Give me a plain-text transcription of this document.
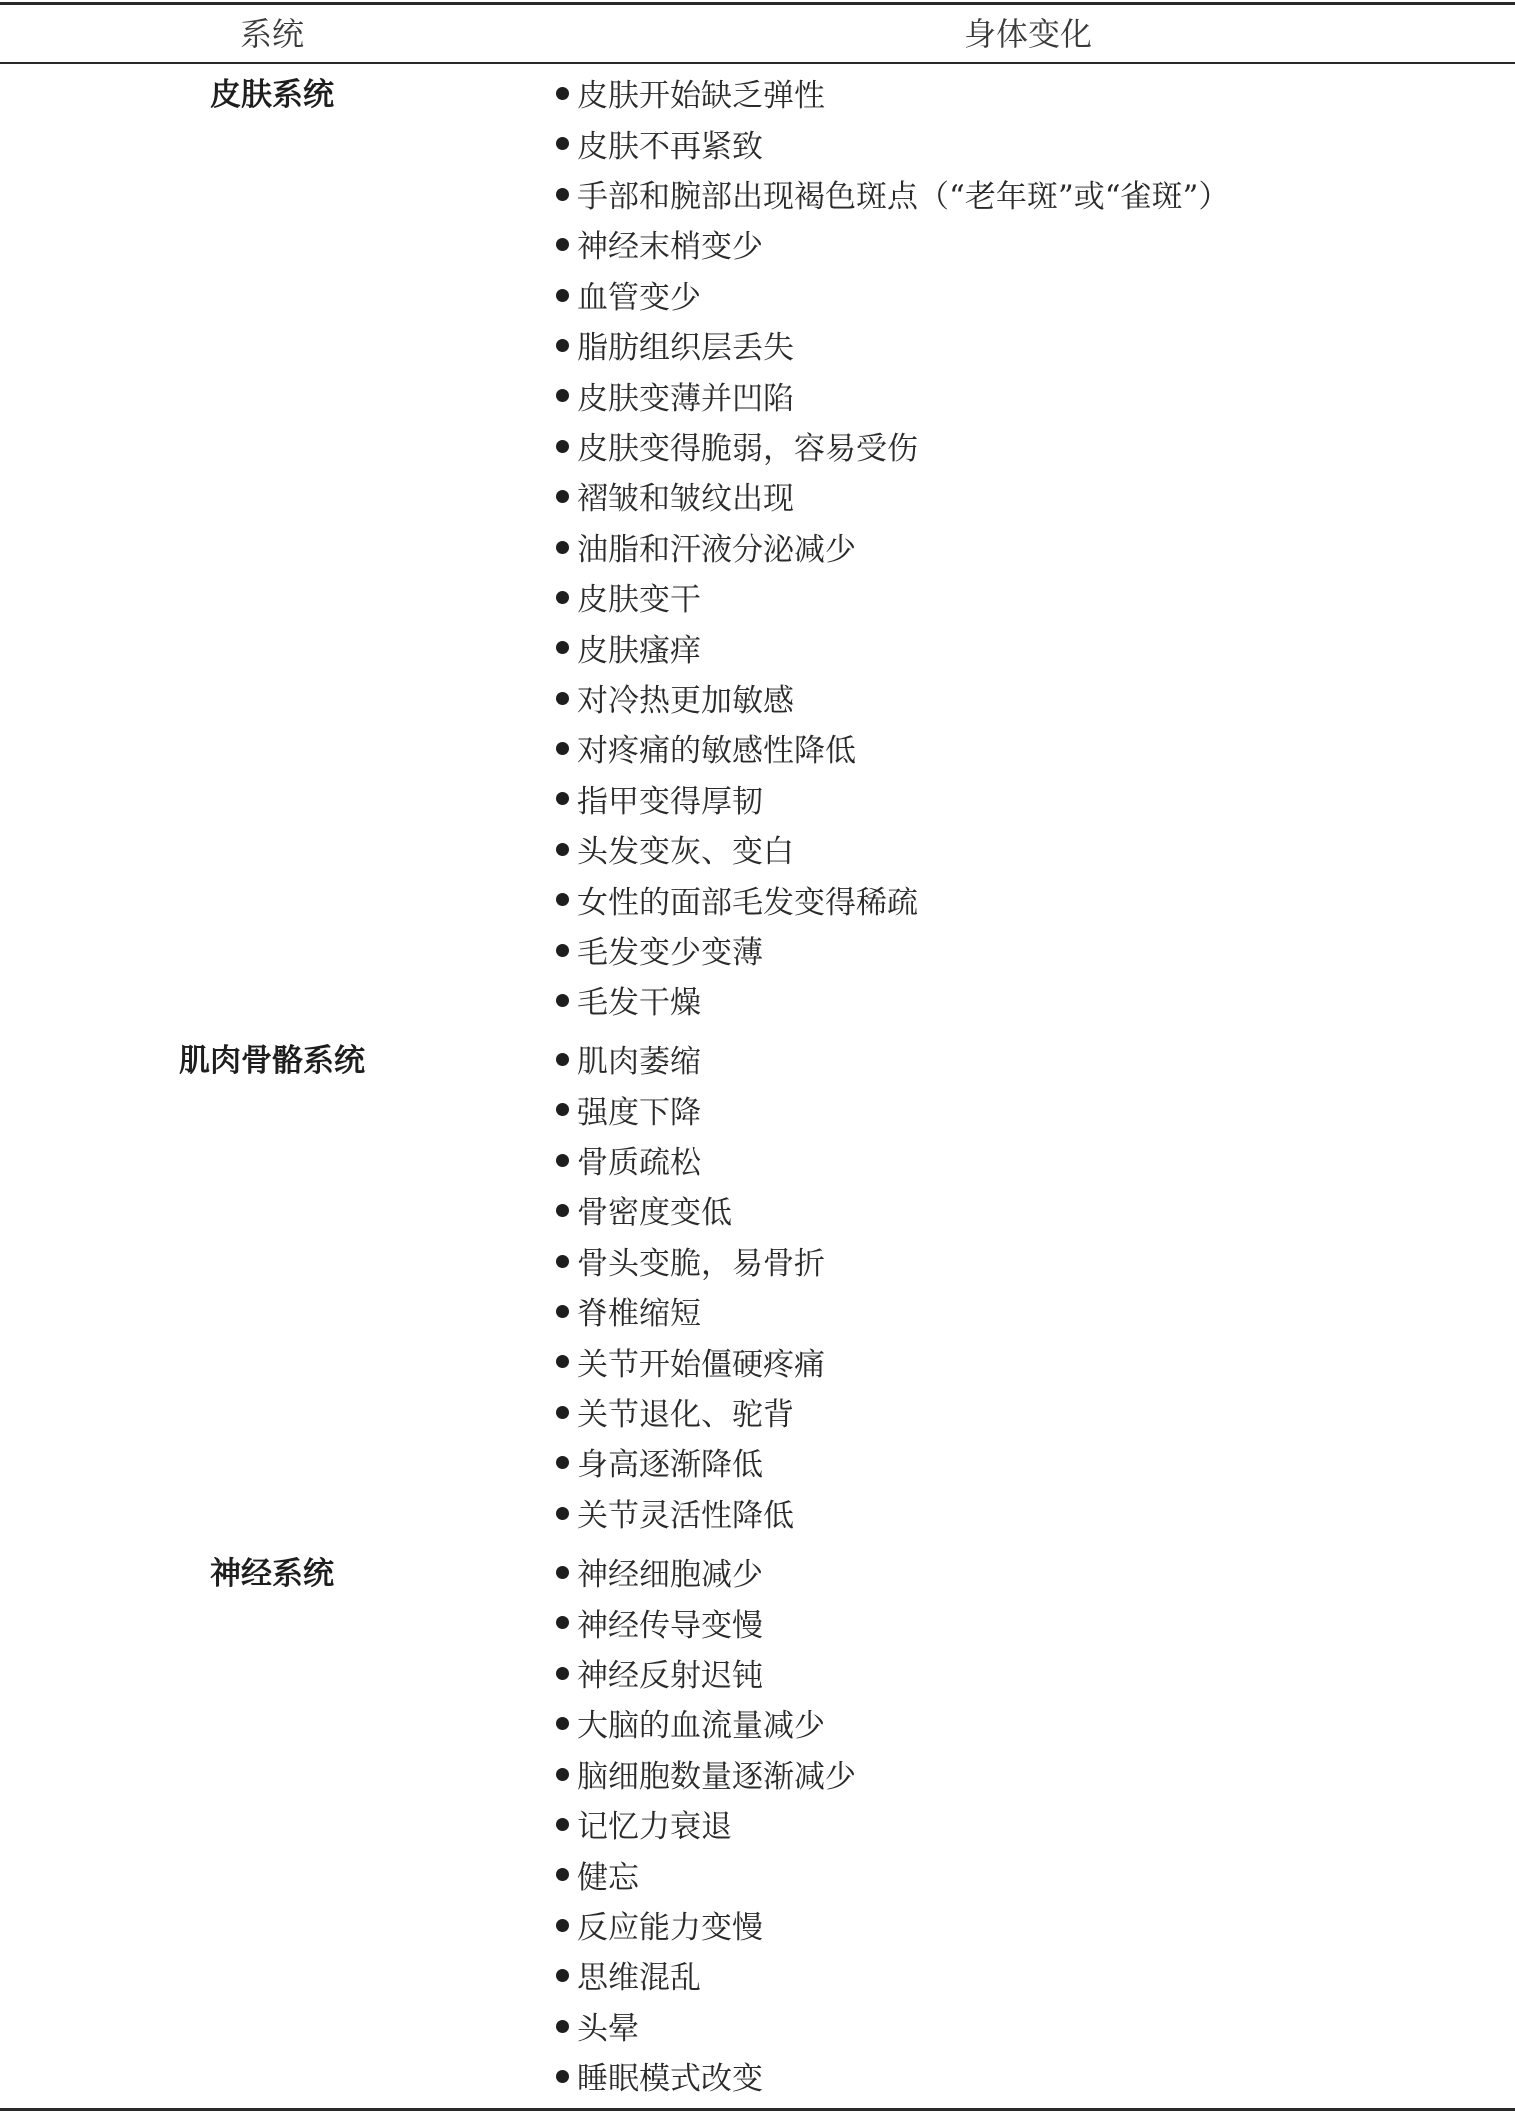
系统	身体变化
皮肤系统	皮肤开始缺乏弹性
皮肤不再紧致
手部和腕部出现褐色斑点（“老年斑”或“雀斑”）
神经末梢变少
血管变少
脂肪组织层丢失
皮肤变薄并凹陷
皮肤变得脆弱，容易受伤
褶皱和皱纹出现
油脂和汗液分泌减少
皮肤变干
皮肤瘙痒
对冷热更加敏感
对疼痛的敏感性降低
指甲变得厚韧
头发变灰、变白
女性的面部毛发变得稀疏
毛发变少变薄
毛发干燥
肌肉骨骼系统	肌肉萎缩
强度下降
骨质疏松
骨密度变低
骨头变脆，易骨折
脊椎缩短
关节开始僵硬疼痛
关节退化、驼背
身高逐渐降低
关节灵活性降低
神经系统	神经细胞减少
神经传导变慢
神经反射迟钝
大脑的血流量减少
脑细胞数量逐渐减少
记忆力衰退
健忘
反应能力变慢
思维混乱
头晕
睡眠模式改变
